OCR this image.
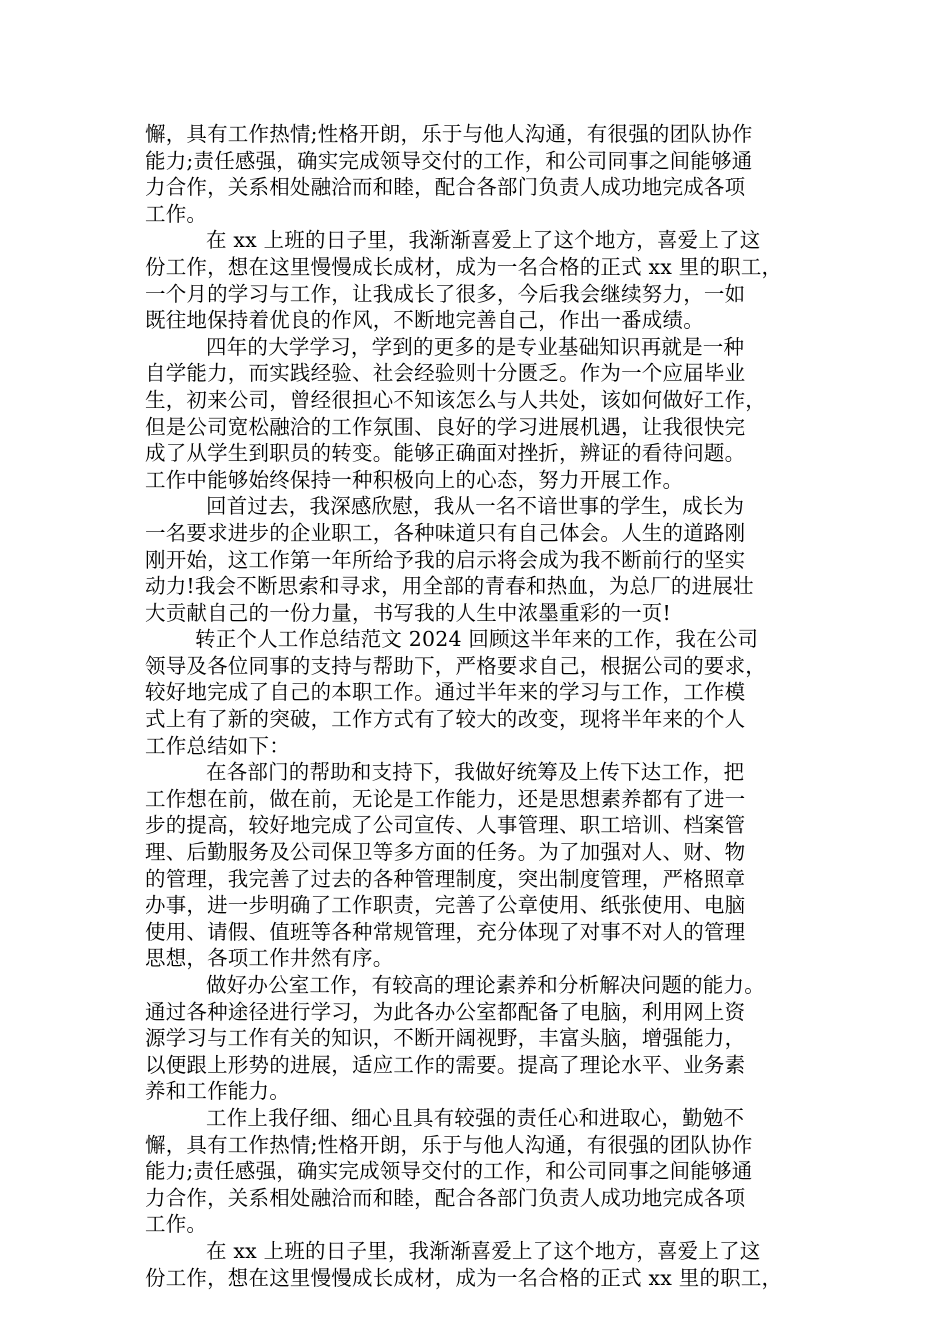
懈，具有工作热情;性格开朗，乐于与他人沟通，有很强的团队协作
能力;责任感强，确实完成领导交付的工作，和公司同事之间能够通
力合作，关系相处融洽而和睦，配合各部门负责人成功地完成各项
工作。
在 xx 上班的日子里，我渐渐喜爱上了这个地方，喜爱上了这
份工作，想在这里慢慢成长成材，成为一名合格的正式 xx 里的职工，
一个月的学习与工作，让我成长了很多，今后我会继续努力，一如
既往地保持着优良的作风，不断地完善自己，作出一番成绩。
四年的大学学习，学到的更多的是专业基础知识再就是一种
自学能力，而实践经验、社会经验则十分匮乏。作为一个应届毕业
生，初来公司，曾经很担心不知该怎么与人共处，该如何做好工作，
但是公司宽松融洽的工作氛围、良好的学习进展机遇，让我很快完
成了从学生到职员的转变。能够正确面对挫折，辨证的看待问题。
工作中能够始终保持一种积极向上的心态，努力开展工作。
回首过去，我深感欣慰，我从一名不谙世事的学生，成长为
一名要求进步的企业职工，各种味道只有自己体会。人生的道路刚
刚开始，这工作第一年所给予我的启示将会成为我不断前行的坚实
动力!我会不断思索和寻求，用全部的青春和热血，为总厂的进展壮
大贡献自己的一份力量，书写我的人生中浓墨重彩的一页!
转正个人工作总结范文 2024 回顾这半年来的工作，我在公司
领导及各位同事的支持与帮助下，严格要求自己，根据公司的要求，
较好地完成了自己的本职工作。通过半年来的学习与工作，工作模
式上有了新的突破，工作方式有了较大的改变，现将半年来的个人
工作总结如下：
在各部门的帮助和支持下，我做好统筹及上传下达工作，把
工作想在前，做在前，无论是工作能力，还是思想素养都有了进一
步的提高，较好地完成了公司宣传、人事管理、职工培训、档案管
理、后勤服务及公司保卫等多方面的任务。为了加强对人、财、物
的管理，我完善了过去的各种管理制度，突出制度管理，严格照章
办事，进一步明确了工作职责，完善了公章使用、纸张使用、电脑
使用、请假、值班等各种常规管理，充分体现了对事不对人的管理
思想，各项工作井然有序。
做好办公室工作，有较高的理论素养和分析解决问题的能力。
通过各种途径进行学习，为此各办公室都配备了电脑，利用网上资
源学习与工作有关的知识，不断开阔视野，丰富头脑，增强能力，
以便跟上形势的进展，适应工作的需要。提高了理论水平、业务素
养和工作能力。
工作上我仔细、细心且具有较强的责任心和进取心，勤勉不
懈，具有工作热情;性格开朗，乐于与他人沟通，有很强的团队协作
能力;责任感强，确实完成领导交付的工作，和公司同事之间能够通
力合作，关系相处融洽而和睦，配合各部门负责人成功地完成各项
工作。
在 xx 上班的日子里，我渐渐喜爱上了这个地方，喜爱上了这
份工作，想在这里慢慢成长成材，成为一名合格的正式 xx 里的职工，
